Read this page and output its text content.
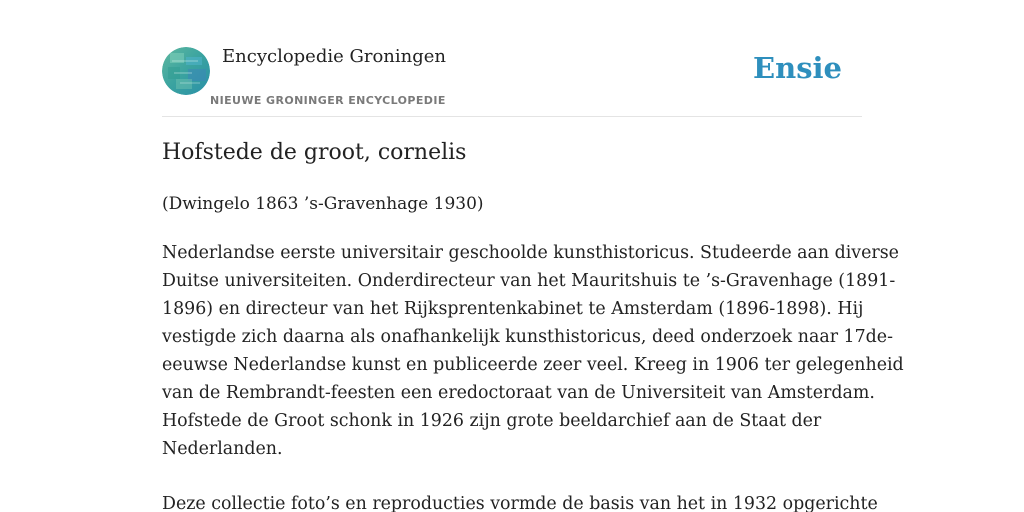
Encyclopedie Groningen
NIEUWE GRONINGER ENCYCLOPEDIE
Ensie
Hofstede de groot, cornelis

(Dwingelo 1863 ’s-Gravenhage 1930)

Nederlandse eerste universitair geschoolde kunsthistoricus. Studeerde aan diverse
Duitse universiteiten. Onderdirecteur van het Mauritshuis te ’s-Gravenhage (1891-
1896) en directeur van het Rijksprentenkabinet te Amsterdam (1896-1898). Hij
vestigde zich daarna als onafhankelijk kunsthistoricus, deed onderzoek naar 17de-
eeuwse Nederlandse kunst en publiceerde zeer veel. Kreeg in 1906 ter gelegenheid
van de Rembrandt-feesten een eredoctoraat van de Universiteit van Amsterdam.
Hofstede de Groot schonk in 1926 zijn grote beeldarchief aan de Staat der
Nederlanden.

Deze collectie foto’s en reproducties vormde de basis van het in 1932 opgerichte
